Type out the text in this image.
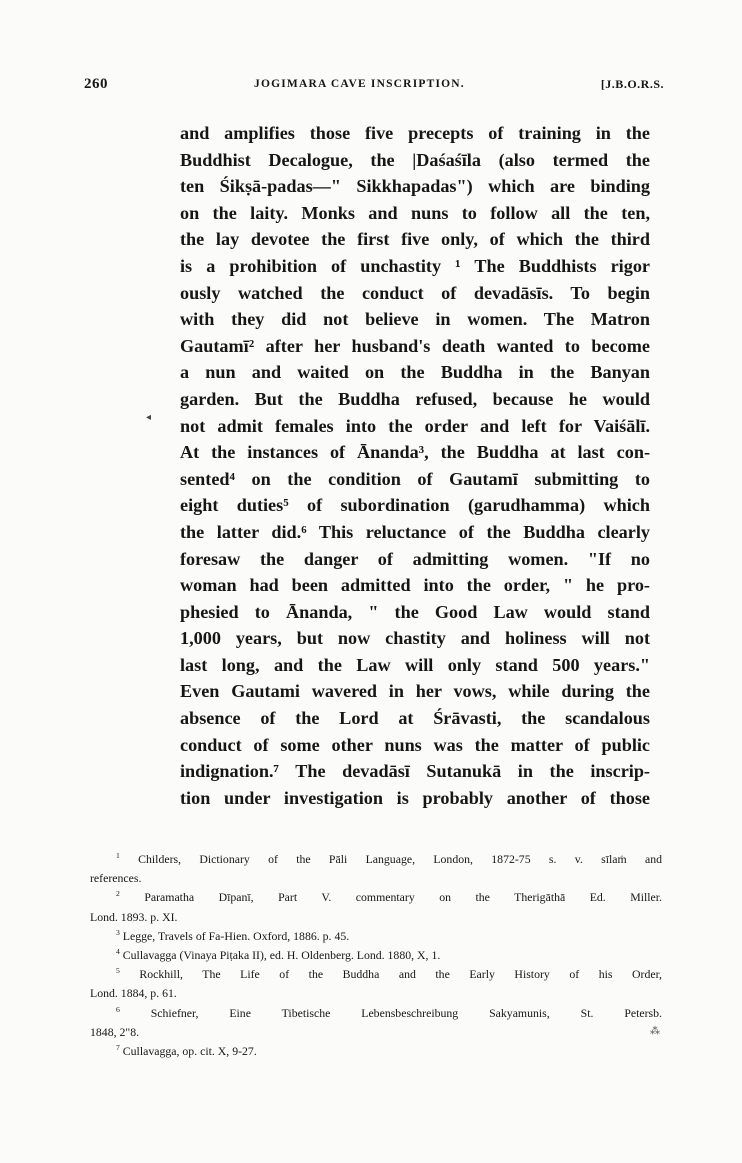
260	JOGIMARA CAVE INSCRIPTION.	[J.B.O.R.S.
◂
and amplifies those five precepts of training in the
Buddhist Decalogue, the |Daśaśīla (also termed the
ten Śikṣā-padas—" Sikkhapadas") which are binding
on the laity. Monks and nuns to follow all the ten,
the lay devotee the first five only, of which the third
is a prohibition of unchastity ¹ The Buddhists rigor
ously watched the conduct of devadāsīs. To begin
with they did not believe in women. The Matron
Gautamī² after her husband's death wanted to become
a nun and waited on the Buddha in the Banyan
garden. But the Buddha refused, because he would
not admit females into the order and left for Vaiśālī.
At the instances of Ānanda³, the Buddha at last con-
sented⁴ on the condition of Gautamī submitting to
eight duties⁵ of subordination (garudhamma) which
the latter did.⁶ This reluctance of the Buddha clearly
foresaw the danger of admitting women. "If no
woman had been admitted into the order, " he pro-
phesied to Ānanda, " the Good Law would stand
1,000 years, but now chastity and holiness will not
last long, and the Law will only stand 500 years."
Even Gautami wavered in her vows, while during the
absence of the Lord at Śrāvasti, the scandalous
conduct of some other nuns was the matter of public
indignation.⁷ The devadāsī Sutanukā in the inscrip-
tion under investigation is probably another of those
$^1$ Childers, Dictionary of the Pāli Language, London, 1872-75 s. v. sīlaṁ and
references.
$^2$ Paramatha Dīpanī, Part V. commentary on the Therigāthā Ed. Miller.
Lond. 1893. p. XI.
$^3$ Legge, Travels of Fa-Hien. Oxford, 1886. p. 45.
$^4$ Cullavagga (Vinaya Piṭaka II), ed. H. Oldenberg. Lond. 1880, X, 1.
$^5$ Rockhill, The Life of the Buddha and the Early History of his Order,
Lond. 1884, p. 61.
$^6$	Schiefner, Eine Tibetische Lebensbeschreibung Sakyamunis, St. Petersb.
1848, 2"8.
$^7$ Cullavagga, op. cit. X, 9-27.
⁂
